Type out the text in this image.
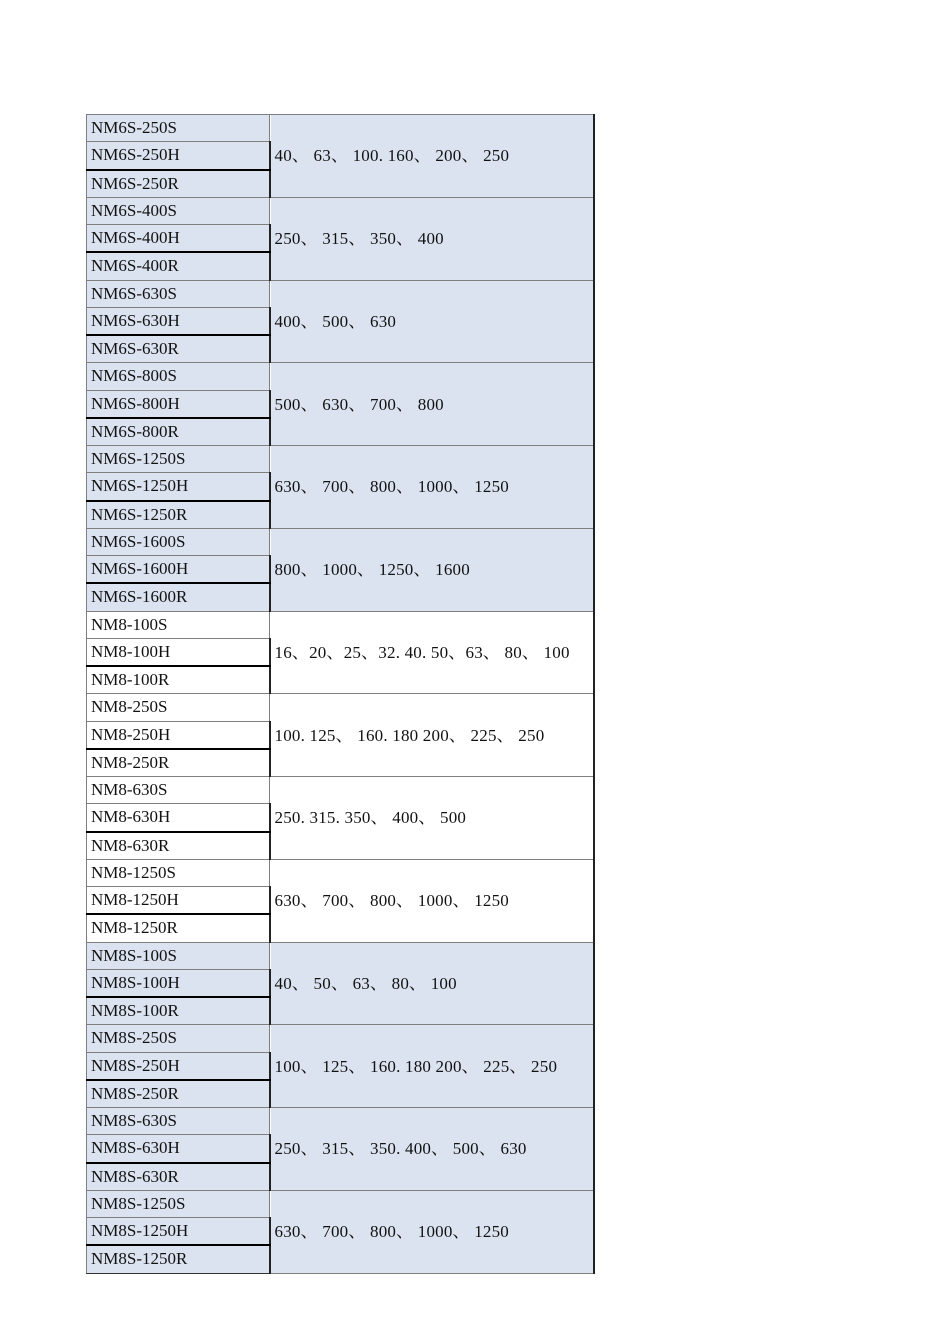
NM6S-250S	40、 63、 100. 160、 200、 250
NM6S-250H	
NM6S-250R	
NM6S-400S	250、 315、 350、 400
NM6S-400H	
NM6S-400R	
NM6S-630S	400、 500、 630
NM6S-630H	
NM6S-630R	
NM6S-800S	500、 630、 700、 800
NM6S-800H	
NM6S-800R	
NM6S-1250S	630、 700、 800、 1000、 1250
NM6S-1250H	
NM6S-1250R	
NM6S-1600S	800、 1000、 1250、 1600
NM6S-1600H	
NM6S-1600R	
NM8-100S	16、20、25、32. 40. 50、63、 80、 100
NM8-100H	
NM8-100R	
NM8-250S	100. 125、 160. 180 200、 225、 250
NM8-250H	
NM8-250R	
NM8-630S	250. 315. 350、 400、 500
NM8-630H	
NM8-630R	
NM8-1250S	630、 700、 800、 1000、 1250
NM8-1250H	
NM8-1250R	
NM8S-100S	40、 50、 63、 80、 100
NM8S-100H	
NM8S-100R	
NM8S-250S	100、 125、 160. 180 200、 225、 250
NM8S-250H	
NM8S-250R	
NM8S-630S	250、 315、 350. 400、 500、 630
NM8S-630H	
NM8S-630R	
NM8S-1250S	630、 700、 800、 1000、 1250
NM8S-1250H	
NM8S-1250R	
